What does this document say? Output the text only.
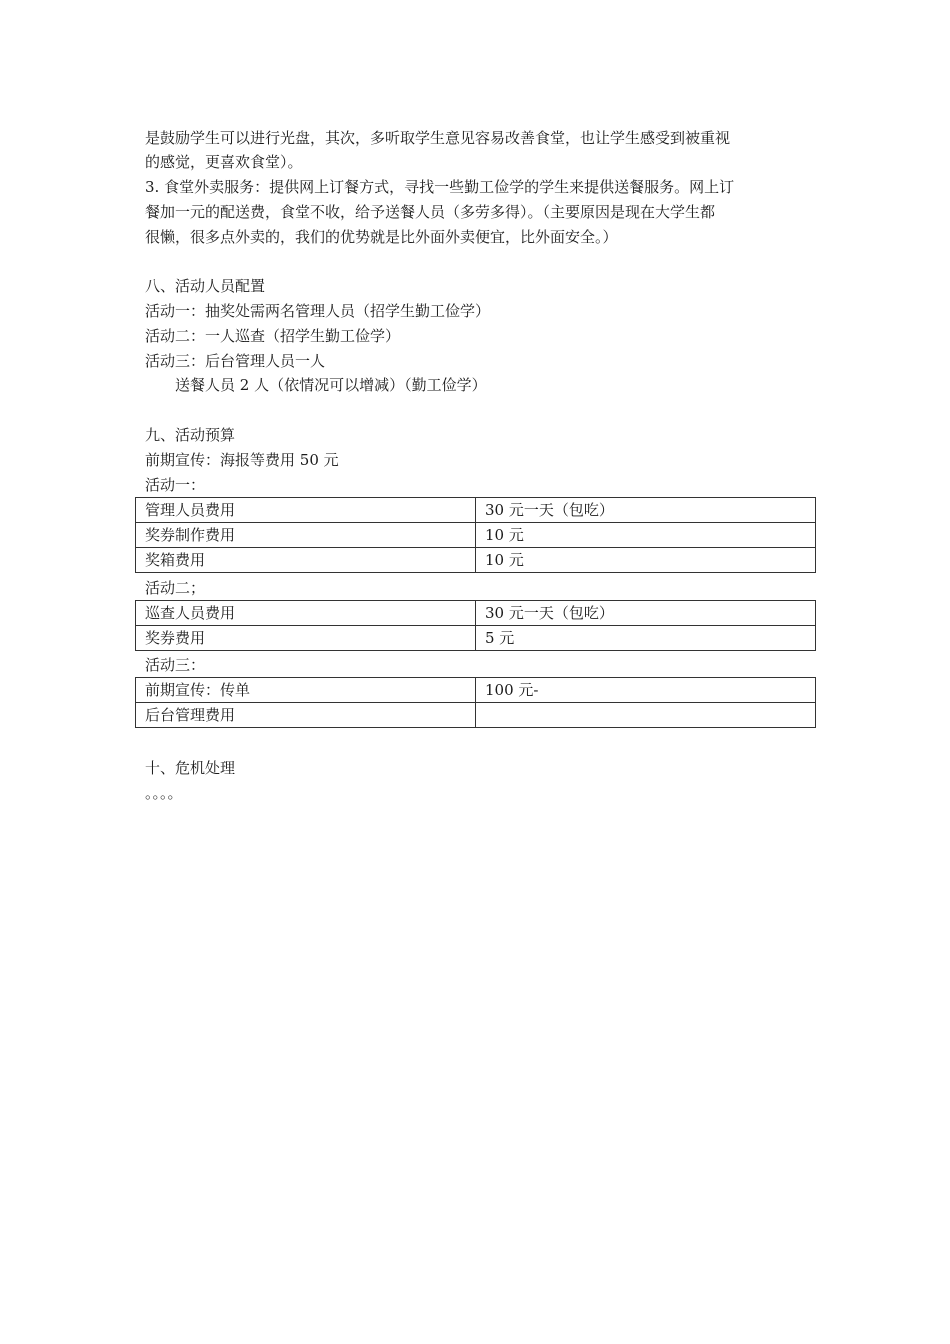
是鼓励学生可以进行光盘，其次，多听取学生意见容易改善食堂，也让学生感受到被重视
的感觉，更喜欢食堂）。
3. 食堂外卖服务：提供网上订餐方式，寻找一些勤工俭学的学生来提供送餐服务。网上订
餐加一元的配送费，食堂不收，给予送餐人员（多劳多得）。（主要原因是现在大学生都
很懒，很多点外卖的，我们的优势就是比外面外卖便宜，比外面安全。）
八、活动人员配置
活动一：抽奖处需两名管理人员（招学生勤工俭学）
活动二：一人巡查（招学生勤工俭学）
活动三：后台管理人员一人
送餐人员 2 人（依情况可以增减）（勤工俭学）
九、活动预算
前期宣传：海报等费用 50 元
活动一：
管理人员费用	30 元一天（包吃）
奖券制作费用	10 元
奖箱费用	10 元
活动二；
巡查人员费用	30 元一天（包吃）
奖券费用	5 元
活动三：
前期宣传：传单	100 元-
后台管理费用	
十、危机处理
。。。。
